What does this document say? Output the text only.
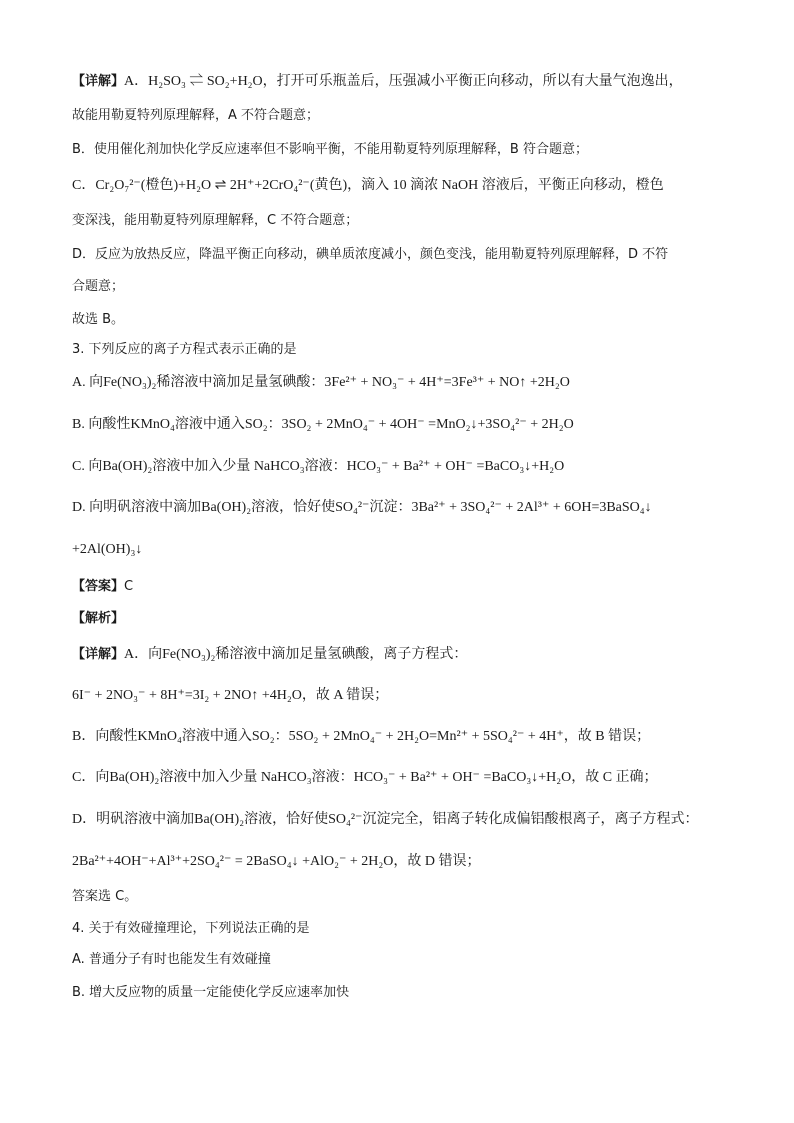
【详解】A．H₂SO₃ ⇌ SO₂+H₂O，打开可乐瓶盖后，压强减小平衡正向移动，所以有大量气泡逸出，
故能用勒夏特列原理解释，A 不符合题意；
B．使用催化剂加快化学反应速率但不影响平衡，不能用勒夏特列原理解释，B 符合题意；
C．Cr₂O₇²⁻(橙色)+H₂O ⇌ 2H⁺+2CrO₄²⁻(黄色)，滴入 10 滴浓 NaOH 溶液后，平衡正向移动，橙色
变深浅，能用勒夏特列原理解释，C 不符合题意；
D．反应为放热反应，降温平衡正向移动，碘单质浓度减小，颜色变浅，能用勒夏特列原理解释，D 不符
合题意；
故选 B。
3. 下列反应的离子方程式表示正确的是
A. 向Fe(NO₃)₂稀溶液中滴加足量氢碘酸：3Fe²⁺ + NO₃⁻ + 4H⁺=3Fe³⁺ + NO↑ +2H₂O
B. 向酸性KMnO₄溶液中通入SO₂：3SO₂ + 2MnO₄⁻ + 4OH⁻ =MnO₂↓+3SO₄²⁻ + 2H₂O
C. 向Ba(OH)₂溶液中加入少量 NaHCO₃溶液：HCO₃⁻ + Ba²⁺ + OH⁻ =BaCO₃↓+H₂O
D. 向明矾溶液中滴加Ba(OH)₂溶液，恰好使SO₄²⁻沉淀：3Ba²⁺ + 3SO₄²⁻ + 2Al³⁺ + 6OH=3BaSO₄↓
+2Al(OH)₃↓
【答案】C
【解析】
【详解】A．向Fe(NO₃)₂稀溶液中滴加足量氢碘酸，离子方程式：
6I⁻ + 2NO₃⁻ + 8H⁺=3I₂ + 2NO↑ +4H₂O，故 A 错误；
B．向酸性KMnO₄溶液中通入SO₂：5SO₂ + 2MnO₄⁻ + 2H₂O=Mn²⁺ + 5SO₄²⁻ + 4H⁺，故 B 错误；
C．向Ba(OH)₂溶液中加入少量 NaHCO₃溶液：HCO₃⁻ + Ba²⁺ + OH⁻ =BaCO₃↓+H₂O，故 C 正确；
D．明矾溶液中滴加Ba(OH)₂溶液，恰好使SO₄²⁻沉淀完全，铝离子转化成偏铝酸根离子，离子方程式：
2Ba²⁺+4OH⁻+Al³⁺+2SO₄²⁻ = 2BaSO₄↓ +AlO₂⁻ + 2H₂O，故 D 错误；
答案选 C。
4. 关于有效碰撞理论，下列说法正确的是
A. 普通分子有时也能发生有效碰撞
B. 增大反应物的质量一定能使化学反应速率加快
